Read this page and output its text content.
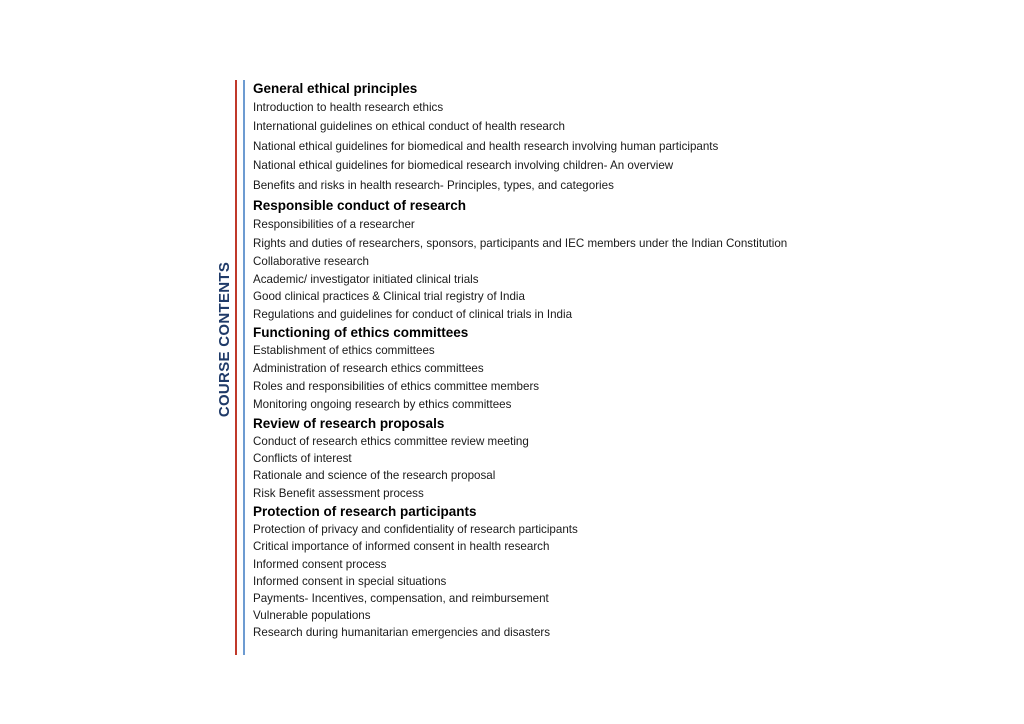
COURSE CONTENTS
General ethical principles
Introduction to health research ethics
International guidelines on ethical conduct of health research
National ethical guidelines for biomedical and health research involving human participants
National ethical guidelines for biomedical research involving children- An overview
Benefits and risks in health research- Principles, types, and categories
Responsible conduct of research
Responsibilities of a researcher
Rights and duties of researchers, sponsors, participants and IEC members under the Indian Constitution
Collaborative research
Academic/ investigator initiated clinical trials
Good clinical practices & Clinical trial registry of India
Regulations and guidelines for conduct of clinical trials in India
Functioning of ethics committees
Establishment of ethics committees
Administration of research ethics committees
Roles and responsibilities of ethics committee members
Monitoring ongoing research by ethics committees
Review of research proposals
Conduct of research ethics committee review meeting
Conflicts of interest
Rationale and science of the research proposal
Risk Benefit assessment process
Protection of research participants
Protection of privacy and confidentiality of research participants
Critical importance of informed consent in health research
Informed consent process
Informed consent in special situations
Payments- Incentives, compensation, and reimbursement
Vulnerable populations
Research during humanitarian emergencies and disasters
